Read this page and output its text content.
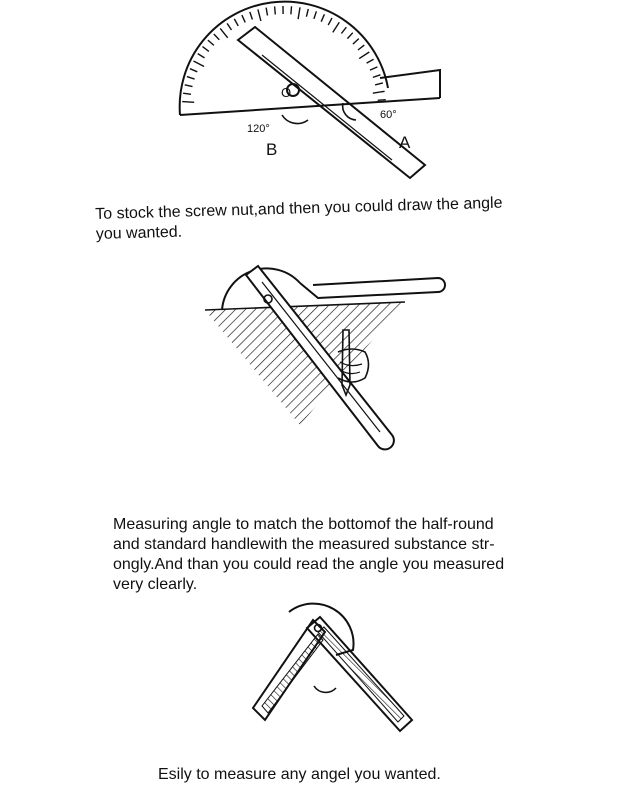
O
120°
60°
B	A

To stock the screw nut,and then you could draw the angle
you wanted.

Measuring angle to match the bottomof the half-round
and standard handlewith the measured substance str-
ongly.And than you could read the angle you measured
very clearly.

Esily to measure any angel you wanted.
